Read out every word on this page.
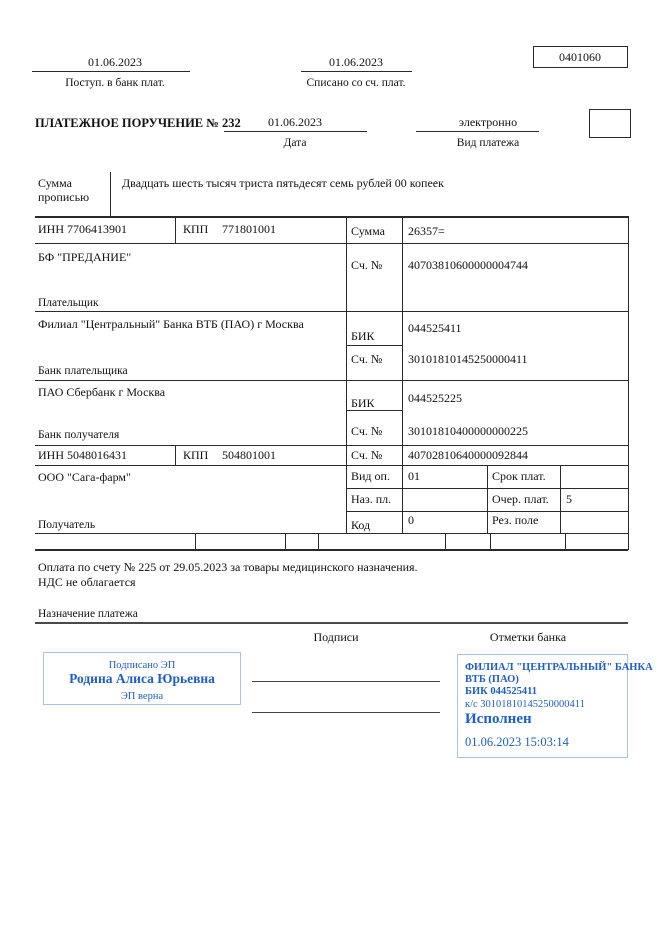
01.06.2023
Поступ. в банк плат.
01.06.2023
Списано со сч. плат.
0401060
ПЛАТЕЖНОЕ ПОРУЧЕНИЕ № 232	01.06.2023
Дата
электронно
Вид платежа
Сумма прописью
Двадцать шесть тысяч триста пятьдесят семь рублей 00 копеек
ИНН 7706413901	КПП 771801001	Сумма 26357=
БФ "ПРЕДАНИЕ"
Плательщик
Сч. № 40703810600000004744
Филиал "Центральный" Банка ВТБ (ПАО) г Москва
БИК
044525411
Сч. № 30101810145250000411
Банк плательщика
ПАО Сбербанк г Москва
БИК	044525225
Сч. № 30101810400000000225
Банк получателя
ИНН 5048016431	КПП 504801001	Сч. № 40702810640000092844
ООО "Сага-фарм"
Получатель
Вид оп. 01	Срок плат.
Наз. пл.	Очер. плат. 5
Код	0	Рез. поле
Оплата по счету № 225 от 29.05.2023 за товары медицинского назначения.
НДС не облагается
Назначение платежа
Подписи	Отметки банка
Подписано ЭП
Родина Алиса Юрьевна
ЭП верна
ФИЛИАЛ "ЦЕНТРАЛЬНЫЙ" БАНКА
ВТБ (ПАО)
БИК 044525411
к/с 30101810145250000411
Исполнен
01.06.2023 15:03:14
